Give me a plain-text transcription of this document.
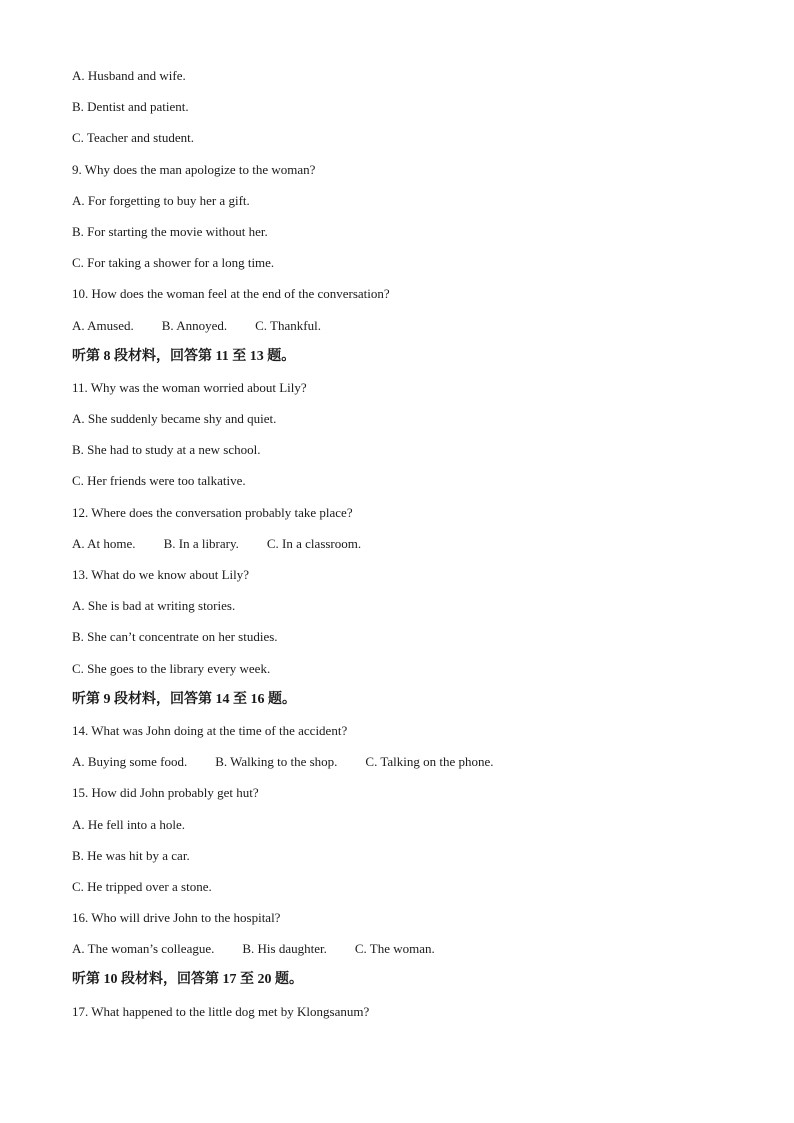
A. Husband and wife.
B. Dentist and patient.
C. Teacher and student.
9. Why does the man apologize to the woman?
A. For forgetting to buy her a gift.
B. For starting the movie without her.
C. For taking a shower for a long time.
10. How does the woman feel at the end of the conversation?
A. Amused. B. Annoyed. C. Thankful.
听第 8 段材料，回答第 11 至 13 题。
11. Why was the woman worried about Lily?
A. She suddenly became shy and quiet.
B. She had to study at a new school.
C. Her friends were too talkative.
12. Where does the conversation probably take place?
A. At home. B. In a library. C. In a classroom.
13. What do we know about Lily?
A. She is bad at writing stories.
B. She can’t concentrate on her studies.
C. She goes to the library every week.
听第 9 段材料，回答第 14 至 16 题。
14. What was John doing at the time of the accident?
A. Buying some food. B. Walking to the shop. C. Talking on the phone.
15. How did John probably get hut?
A. He fell into a hole.
B. He was hit by a car.
C. He tripped over a stone.
16. Who will drive John to the hospital?
A. The woman’s colleague. B. His daughter. C. The woman.
听第 10 段材料，回答第 17 至 20 题。
17. What happened to the little dog met by Klongsanum?
